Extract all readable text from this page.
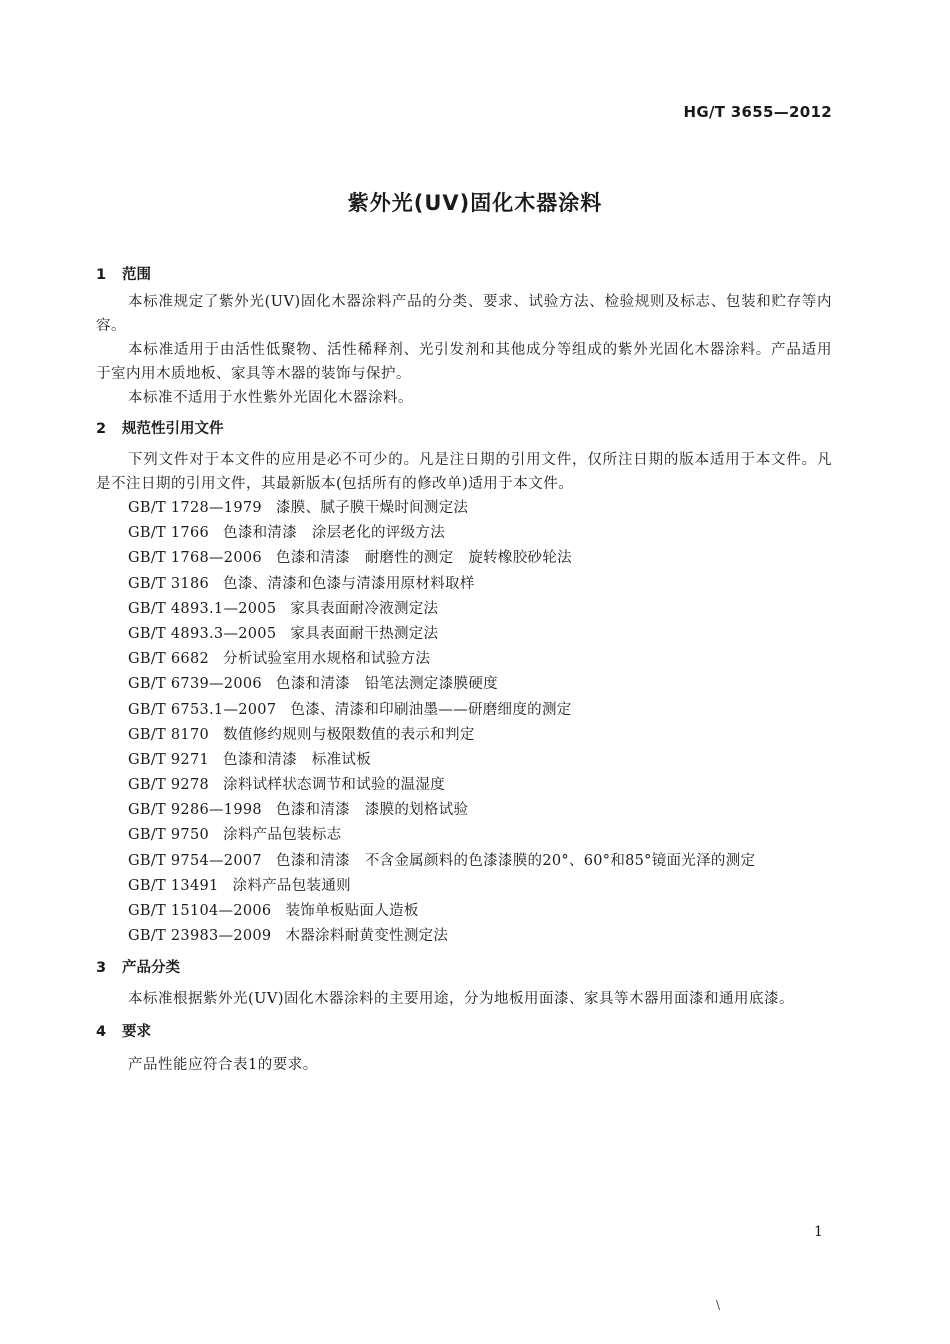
HG/T 3655—2012
紫外光(UV)固化木器涂料
1 范围

本标准规定了紫外光(UV)固化木器涂料产品的分类、要求、试验方法、检验规则及标志、包装和贮存等内容。

本标准适用于由活性低聚物、活性稀释剂、光引发剂和其他成分等组成的紫外光固化木器涂料。产品适用于室内用木质地板、家具等木器的装饰与保护。

本标准不适用于水性紫外光固化木器涂料。

2 规范性引用文件

下列文件对于本文件的应用是必不可少的。凡是注日期的引用文件，仅所注日期的版本适用于本文件。凡是不注日期的引用文件，其最新版本(包括所有的修改单)适用于本文件。

GB/T 1728—1979 漆膜、腻子膜干燥时间测定法
GB/T 1766 色漆和清漆　涂层老化的评级方法
GB/T 1768—2006 色漆和清漆　耐磨性的测定　旋转橡胶砂轮法
GB/T 3186 色漆、清漆和色漆与清漆用原材料取样
GB/T 4893.1—2005 家具表面耐冷液测定法
GB/T 4893.3—2005 家具表面耐干热测定法
GB/T 6682 分析试验室用水规格和试验方法
GB/T 6739—2006 色漆和清漆　铅笔法测定漆膜硬度
GB/T 6753.1—2007 色漆、清漆和印刷油墨——研磨细度的测定
GB/T 8170 数值修约规则与极限数值的表示和判定
GB/T 9271 色漆和清漆　标准试板
GB/T 9278 涂料试样状态调节和试验的温湿度
GB/T 9286—1998 色漆和清漆　漆膜的划格试验
GB/T 9750 涂料产品包装标志
GB/T 9754—2007 色漆和清漆　不含金属颜料的色漆漆膜的20°、60°和85°镜面光泽的测定
GB/T 13491 涂料产品包装通则
GB/T 15104—2006 装饰单板贴面人造板
GB/T 23983—2009 木器涂料耐黄变性测定法
3 产品分类

本标准根据紫外光(UV)固化木器涂料的主要用途，分为地板用面漆、家具等木器用面漆和通用底漆。

4 要求

产品性能应符合表1的要求。

1
\
